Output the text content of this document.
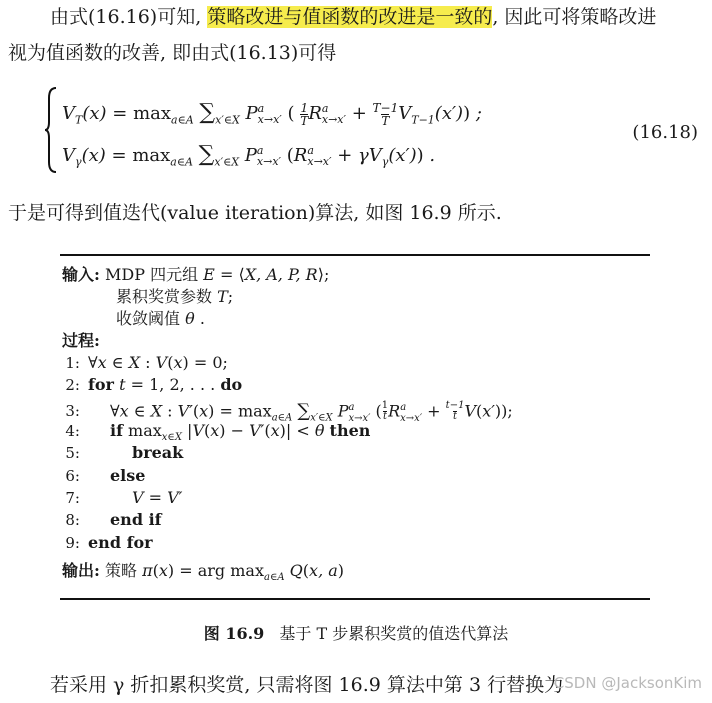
由式(16.16)可知, 策略改进与值函数的改进是一致的, 因此可将策略改进
视为值函数的改善, 即由式(16.13)可得
$V_T(x) = \max_{a\in A} \sum_{x'\in X}$ P a
x→x′ ( $\frac{1}{T}$ R a
$x\to x' + \frac{T-1}{T} V_{T-1}(x')$) ;
$V_\gamma(x) = \max_{a\in A} \sum_{x'\in X}$ P a
x→x′ (R a
$x\to x' + \gamma V_\gamma(x')$) .
(16.18)
于是可得到值迭代(value iteration)算法, 如图 16.9 所示.
输入: MDP 四元组 E = ⟨X, A, P, R⟩;
累积奖赏参数 T;
收敛阈值 θ .
过程:
1: ∀x ∈ X : V(x) = 0;
2: for t = 1, 2, . . . do
3: ∀x ∈ X : $V'(x) = \max_{a\in A} \sum_{x'\in X}$ $P^a_{x\to x'}$ ( $\frac{1}{t} R^a_{x\to x'} + \frac{t-1}{t} V(x')$);
4: if $\max_{x\in X} |V(x) - V'(x)| < \theta$ then
5:	break
6: else
7:	V = V′
8: end if
9: end for
输出: 策略 π(x) = arg $\max_{a\in A} Q(x$, a)
图 16.9 基于 T 步累积奖赏的值迭代算法
若采用 γ 折扣累积奖赏, 只需将图 16.9 算法中第 3 行替换为
CSDN @JacksonKim
